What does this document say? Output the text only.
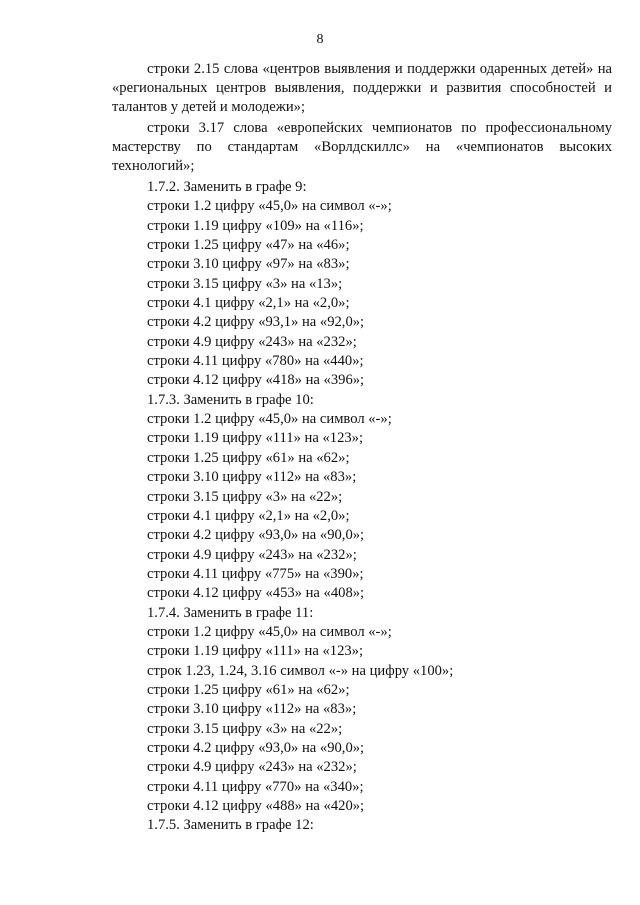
8

строки 2.15 слова «центров выявления и поддержки одаренных детей» на «региональных центров выявления, поддержки и развития способностей и талантов у детей и молодежи»;

строки 3.17 слова «европейских чемпионатов по профессиональному мастерству по стандартам «Ворлдскиллс» на «чемпионатов высоких технологий»;

1.7.2. Заменить в графе 9:
строки 1.2 цифру «45,0» на символ «-»;
строки 1.19 цифру «109» на «116»;
строки 1.25 цифру «47» на «46»;
строки 3.10 цифру «97» на «83»;
строки 3.15 цифру «3» на «13»;
строки 4.1 цифру «2,1» на «2,0»;
строки 4.2 цифру «93,1» на «92,0»;
строки 4.9 цифру «243» на «232»;
строки 4.11 цифру «780» на «440»;
строки 4.12 цифру «418» на «396»;
1.7.3. Заменить в графе 10:
строки 1.2 цифру «45,0» на символ «-»;
строки 1.19 цифру «111» на «123»;
строки 1.25 цифру «61» на «62»;
строки 3.10 цифру «112» на «83»;
строки 3.15 цифру «3» на «22»;
строки 4.1 цифру «2,1» на «2,0»;
строки 4.2 цифру «93,0» на «90,0»;
строки 4.9 цифру «243» на «232»;
строки 4.11 цифру «775» на «390»;
строки 4.12 цифру «453» на «408»;
1.7.4. Заменить в графе 11:
строки 1.2 цифру «45,0» на символ «-»;
строки 1.19 цифру «111» на «123»;
строк 1.23, 1.24, 3.16 символ «-» на цифру «100»;
строки 1.25 цифру «61» на «62»;
строки 3.10 цифру «112» на «83»;
строки 3.15 цифру «3» на «22»;
строки 4.2 цифру «93,0» на «90,0»;
строки 4.9 цифру «243» на «232»;
строки 4.11 цифру «770» на «340»;
строки 4.12 цифру «488» на «420»;
1.7.5. Заменить в графе 12:
